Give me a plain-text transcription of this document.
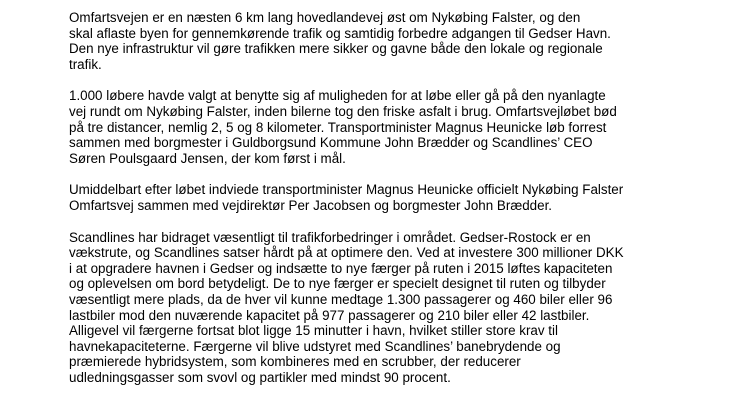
Omfartsvejen er en næsten 6 km lang hovedlandevej øst om Nykøbing Falster, og den
skal aflaste byen for gennemkørende trafik og samtidig forbedre adgangen til Gedser Havn.
Den nye infrastruktur vil gøre trafikken mere sikker og gavne både den lokale og regionale
trafik.

1.000 løbere havde valgt at benytte sig af muligheden for at løbe eller gå på den nyanlagte
vej rundt om Nykøbing Falster, inden bilerne tog den friske asfalt i brug. Omfartsvejløbet bød
på tre distancer, nemlig 2, 5 og 8 kilometer. Transportminister Magnus Heunicke løb forrest
sammen med borgmester i Guldborgsund Kommune John Brædder og Scandlines’ CEO
Søren Poulsgaard Jensen, der kom først i mål.

Umiddelbart efter løbet indviede transportminister Magnus Heunicke officielt Nykøbing Falster
Omfartsvej sammen med vejdirektør Per Jacobsen og borgmester John Brædder.

Scandlines har bidraget væsentligt til trafikforbedringer i området. Gedser-Rostock er en
vækstrute, og Scandlines satser hårdt på at optimere den. Ved at investere 300 millioner DKK
i at opgradere havnen i Gedser og indsætte to nye færger på ruten i 2015 løftes kapaciteten
og oplevelsen om bord betydeligt. De to nye færger er specielt designet til ruten og tilbyder
væsentligt mere plads, da de hver vil kunne medtage 1.300 passagerer og 460 biler eller 96
lastbiler mod den nuværende kapacitet på 977 passagerer og 210 biler eller 42 lastbiler.
Alligevel vil færgerne fortsat blot ligge 15 minutter i havn, hvilket stiller store krav til
havnekapaciteterne. Færgerne vil blive udstyret med Scandlines’ banebrydende og
præmierede hybridsystem, som kombineres med en scrubber, der reducerer
udledningsgasser som svovl og partikler med mindst 90 procent.
